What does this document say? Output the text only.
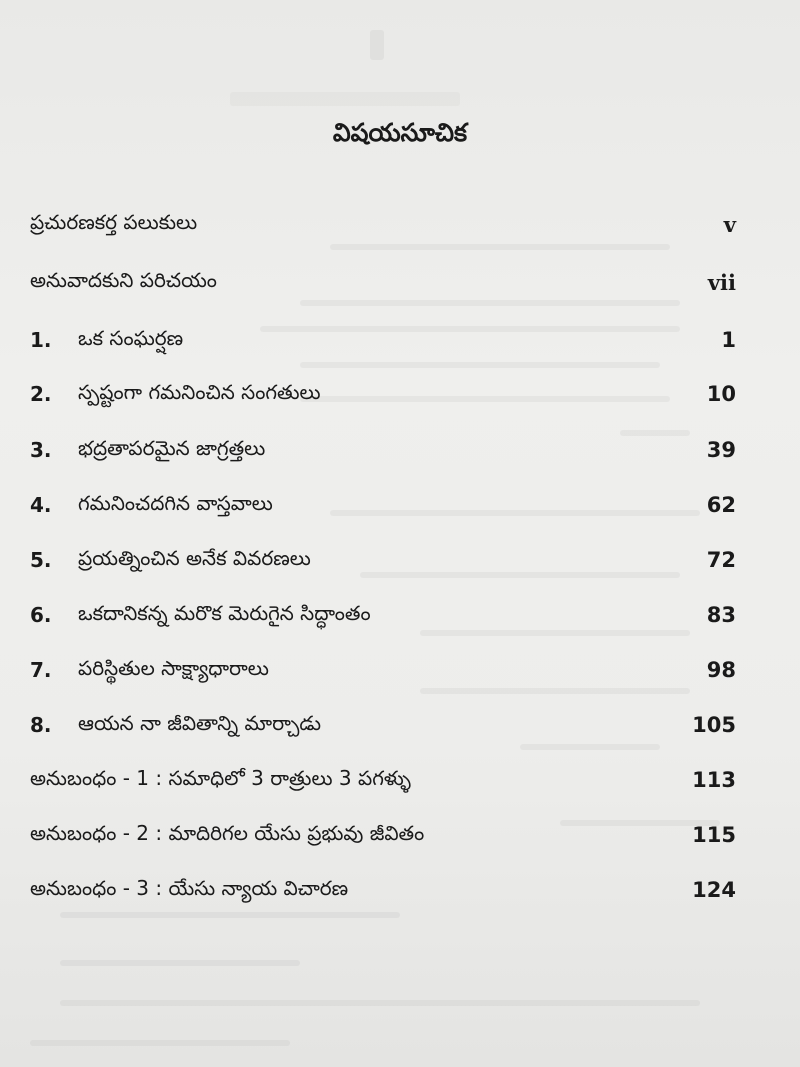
విషయసూచిక
ప్రచురణకర్త పలుకులు	v
అనువాదకుని పరిచయం	vii
1.	ఒక సంఘర్షణ	1
2.	స్పష్టంగా గమనించిన సంగతులు	10
3.	భద్రతాపరమైన జాగ్రత్తలు	39
4.	గమనించదగిన వాస్తవాలు	62
5.	ప్రయత్నించిన అనేక వివరణలు	72
6.	ఒకదానికన్న మరొక మెరుగైన సిద్ధాంతం	83
7.	పరిస్థితుల సాక్ష్యాధారాలు	98
8.	ఆయన నా జీవితాన్ని మార్చాడు	105
అనుబంధం - 1 : సమాధిలో 3 రాత్రులు 3 పగళ్ళు	113
అనుబంధం - 2 : మాదిరిగల యేసు ప్రభువు జీవితం	115
అనుబంధం - 3 : యేసు న్యాయ విచారణ	124
